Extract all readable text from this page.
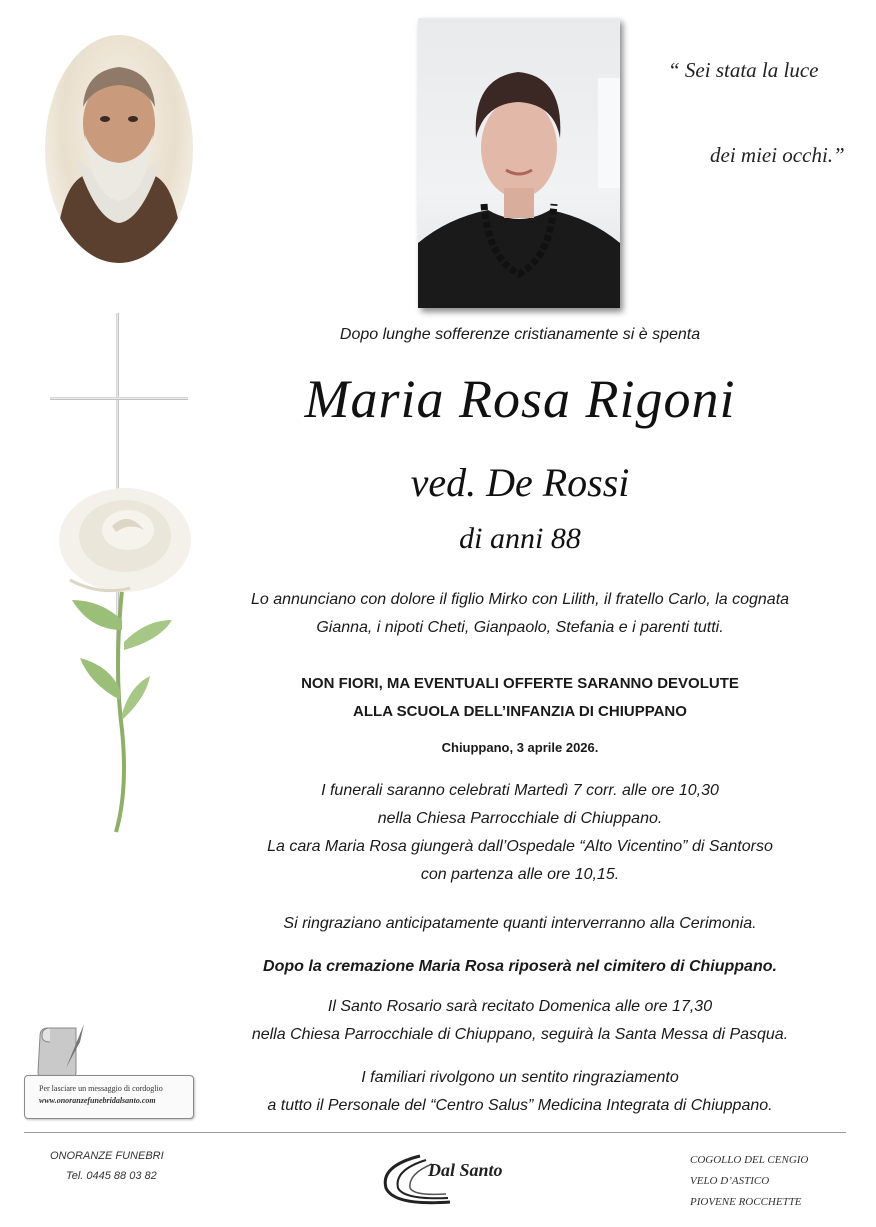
“ Sei stata la luce
dei miei occhi.”
Dopo lunghe sofferenze cristianamente si è spenta
Maria Rosa Rigoni
ved. De Rossi
di anni 88
Lo annunciano con dolore il figlio Mirko con Lilith, il fratello Carlo, la cognata
Gianna, i nipoti Cheti, Gianpaolo, Stefania e i parenti tutti.
NON FIORI, MA EVENTUALI OFFERTE SARANNO DEVOLUTE
ALLA SCUOLA DELL’INFANZIA DI CHIUPPANO
Chiuppano, 3 aprile 2026.
I funerali saranno celebrati Martedì 7 corr. alle ore 10,30
nella Chiesa Parrocchiale di Chiuppano.
La cara Maria Rosa giungerà dall’Ospedale “Alto Vicentino” di Santorso
con partenza alle ore 10,15.
Si ringraziano anticipatamente quanti interverranno alla Cerimonia.
Dopo la cremazione Maria Rosa riposerà nel cimitero di Chiuppano.
Il Santo Rosario sarà recitato Domenica alle ore 17,30
nella Chiesa Parrocchiale di Chiuppano, seguirà la Santa Messa di Pasqua.
I familiari rivolgono un sentito ringraziamento
a tutto il Personale del “Centro Salus” Medicina Integrata di Chiuppano.
Per lasciare un messaggio di cordoglio
www.onoranzefunebridalsanto.com
ONORANZE FUNEBRI
Tel. 0445 88 03 82	Dal Santo	COGOLLO DEL CENGIO
VELO D’ASTICO
PIOVENE ROCCHETTE
